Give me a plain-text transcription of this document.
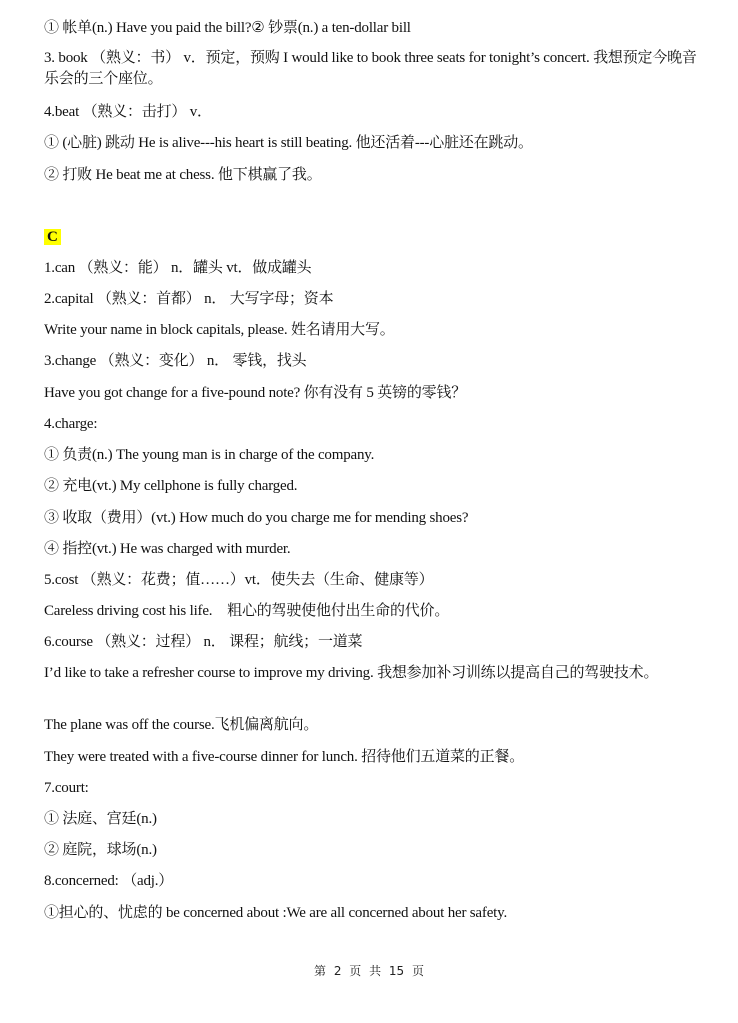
① 帐单(n.) Have you paid the bill?② 钞票(n.) a ten-dollar bill
3. book （熟义：书） v．预定，预购 I would like to book three seats for tonight’s concert. 我想预定今晚音乐会的三个座位。
4.beat （熟义：击打） v．
① (心脏) 跳动 He is alive---his heart is still beating. 他还活着---心脏还在跳动。
② 打败 He beat me at chess. 他下棋赢了我。
C
1.can （熟义：能） n．罐头 vt．做成罐头
2.capital （熟义：首都） n． 大写字母；资本
Write your name in block capitals, please. 姓名请用大写。
3.change （熟义：变化） n． 零钱，找头
Have you got change for a five-pound note? 你有没有 5 英镑的零钱？
4.charge:
① 负责(n.) The young man is in charge of the company.
② 充电(vt.) My cellphone is fully charged.
③ 收取（费用）(vt.) How much do you charge me for mending shoes?
④ 指控(vt.) He was charged with murder.
5.cost （熟义：花费；值……）vt．使失去（生命、健康等）
Careless driving cost his life.　粗心的驾驶使他付出生命的代价。
6.course （熟义：过程） n． 课程；航线；一道菜
I’d like to take a refresher course to improve my driving. 我想参加补习训练以提高自己的驾驶技术。
The plane was off the course.飞机偏离航向。
They were treated with a five-course dinner for lunch. 招待他们五道菜的正餐。
7.court:
① 法庭、宫廷(n.)
② 庭院，球场(n.)
8.concerned: （adj.）
①担心的、忧虑的 be concerned about :We are all concerned about her safety.
第 2 页 共 15 页
